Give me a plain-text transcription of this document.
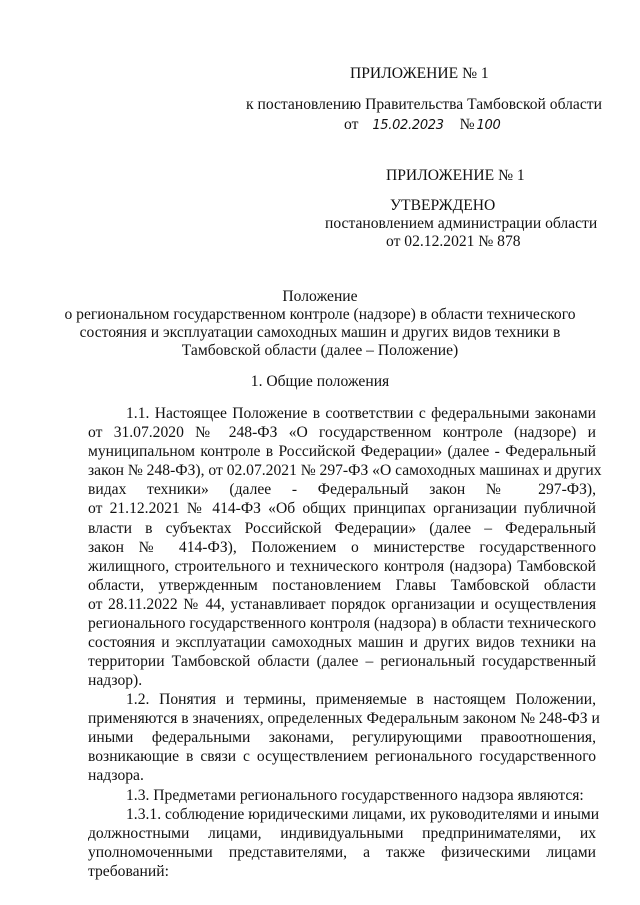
ПРИЛОЖЕНИЕ № 1
к постановлению Правительства Тамбовской области
от 15.02.2023 № 100
ПРИЛОЖЕНИЕ № 1
УТВЕРЖДЕНО
постановлением администрации области
от 02.12.2021 № 878
Положение
о региональном государственном контроле (надзоре) в области технического
состояния и эксплуатации самоходных машин и других видов техники в
Тамбовской области (далее – Положение)
1. Общие положения
1.1. Настоящее Положение в соответствии с федеральными законами
от 31.07.2020 № 248-ФЗ «О государственном контроле (надзоре) и
муниципальном контроле в Российской Федерации» (далее - Федеральный
закон № 248-ФЗ), от 02.07.2021 № 297-ФЗ «О самоходных машинах и других
видах техники» (далее - Федеральный закон № 297-ФЗ),
от 21.12.2021 № 414-ФЗ «Об общих принципах организации публичной
власти в субъектах Российской Федерации» (далее – Федеральный
закон № 414-ФЗ), Положением о министерстве государственного
жилищного, строительного и технического контроля (надзора) Тамбовской
области, утвержденным постановлением Главы Тамбовской области
от 28.11.2022 № 44, устанавливает порядок организации и осуществления
регионального государственного контроля (надзора) в области технического
состояния и эксплуатации самоходных машин и других видов техники на
территории Тамбовской области (далее – региональный государственный
надзор).
1.2. Понятия и термины, применяемые в настоящем Положении,
применяются в значениях, определенных Федеральным законом № 248-ФЗ и
иными федеральными законами, регулирующими правоотношения,
возникающие в связи с осуществлением регионального государственного
надзора.
1.3. Предметами регионального государственного надзора являются:
1.3.1. соблюдение юридическими лицами, их руководителями и иными
должностными лицами, индивидуальными предпринимателями, их
уполномоченными представителями, а также физическими лицами
требований:
